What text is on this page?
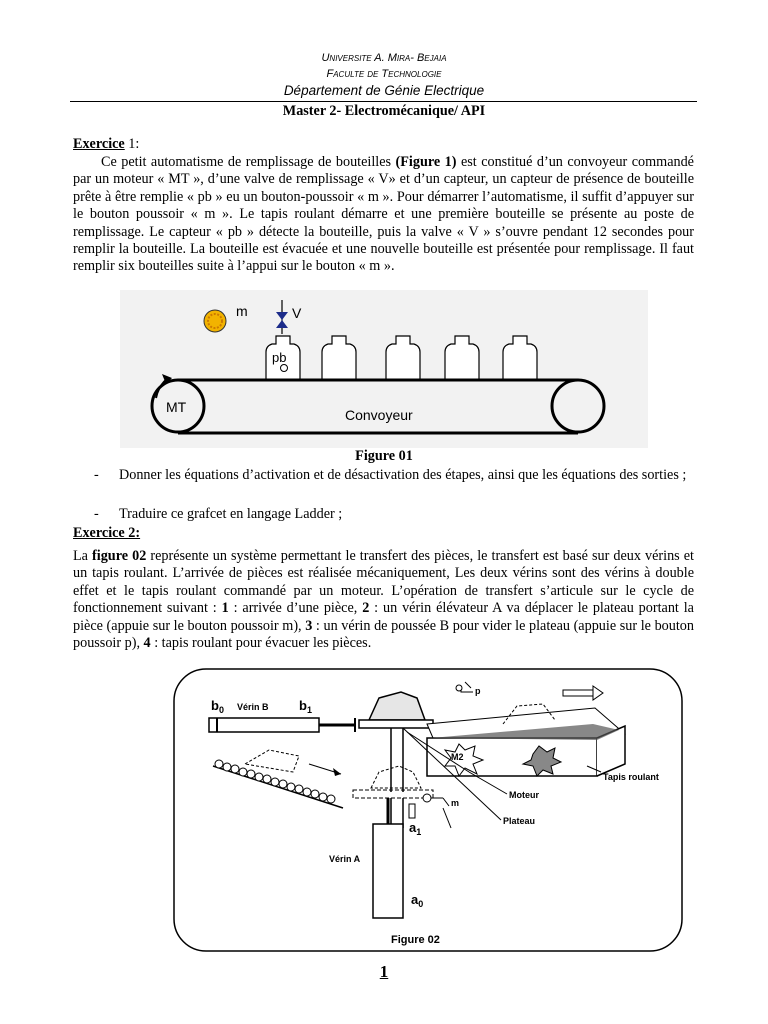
Universite A. Mira- Bejaia
Faculte de Technologie
Département de Génie Electrique
Master 2- Electromécanique/ API
Exercice 1:
Ce petit automatisme de remplissage de bouteilles (Figure 1) est constitué d’un convoyeur commandé par un moteur « MT », d’une valve de remplissage « V» et d’un capteur, un capteur de présence de bouteille prête à être remplie « pb » eu un bouton-poussoir « m ». Pour démarrer l’automatisme, il suffit d’appuyer sur le bouton poussoir « m ». Le tapis roulant démarre et une première bouteille se présente au poste de remplissage. Le capteur « pb » détecte la bouteille, puis la valve « V » s’ouvre pendant 12 secondes pour remplir la bouteille. La bouteille est évacuée et une nouvelle bouteille est présentée pour remplissage. Il faut remplir six bouteilles suite à l’appui sur le bouton « m ».
m	V
pb
MT	Convoyeur
Figure 01
- Donner les équations d’activation et de désactivation des étapes, ainsi que les équations des sorties ;
- Traduire ce grafcet en langage Ladder ;
Exercice 2:
La figure 02 représente un système permettant le transfert des pièces, le transfert est basé sur deux vérins et un tapis roulant. L’arrivée de pièces est réalisée mécaniquement, Les deux vérins sont des vérins à double effet et le tapis roulant commandé par un moteur. L’opération de transfert s’articule sur le cycle de fonctionnement suivant : 1 : arrivée d’une pièce, 2 : un vérin élévateur A va déplacer le plateau portant la pièce (appuie sur le bouton poussoir m), 3 : un vérin de poussée B pour vider le plateau (appuie sur le bouton poussoir p), 4 : tapis roulant pour évacuer les pièces.
$b_0$ Vérin B $b_1$
Vérin A
$a_1$
$a_0$
m
p
M2
Tapis roulant
Moteur
Plateau
Figure 02
1
